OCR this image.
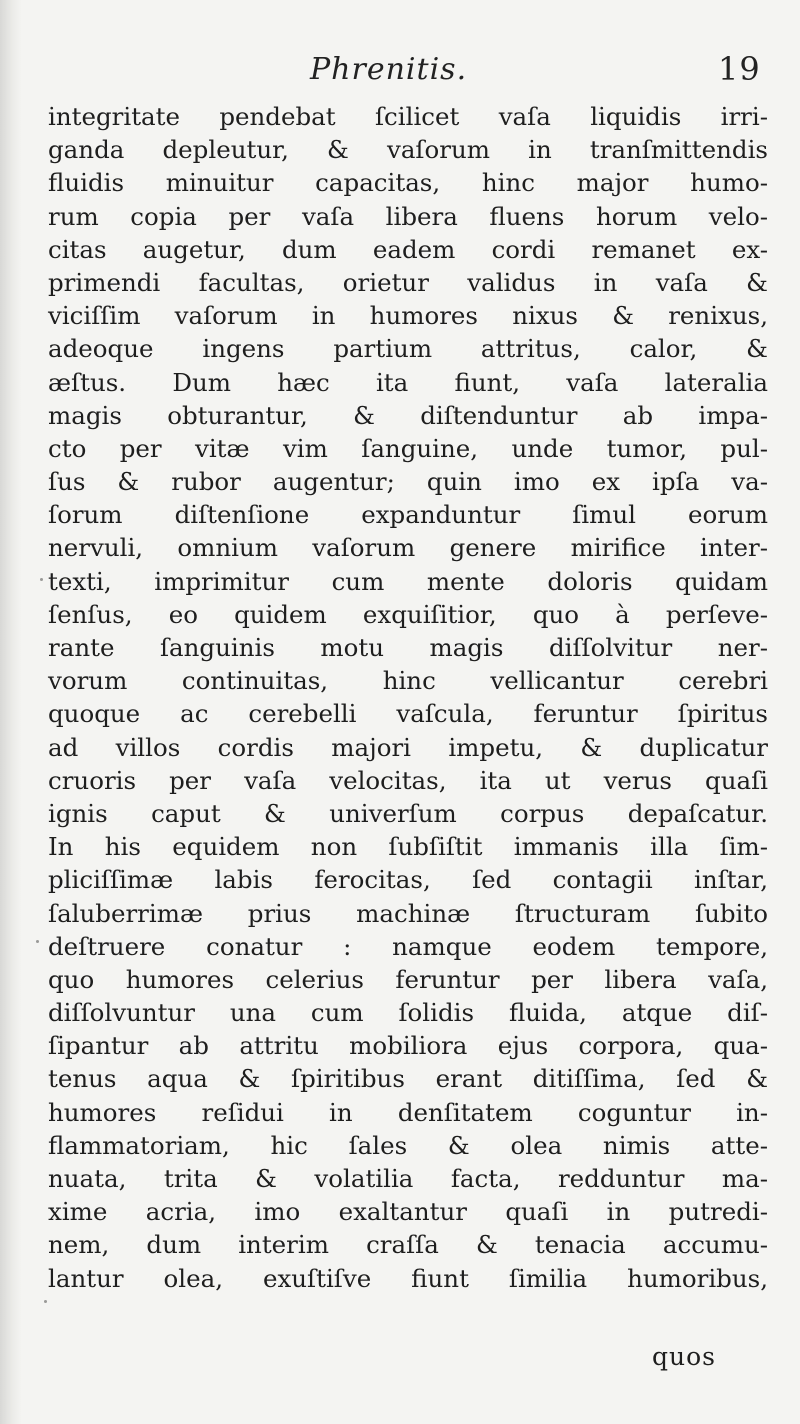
Phrenitis.	19
integritate pendebat ſcilicet vaſa liquidis irri-
ganda depleutur, & vaſorum in tranſmittendis
fluidis minuitur capacitas, hinc major humo-
rum copia per vaſa libera fluens horum velo-
citas augetur, dum eadem cordi remanet ex-
primendi facultas, orietur validus in vaſa &
viciſſim vaſorum in humores nixus & renixus,
adeoque ingens partium attritus, calor, &
æſtus. Dum hæc ita fiunt, vaſa lateralia
magis obturantur, & diſtenduntur ab impa-
cto per vitæ vim ſanguine, unde tumor, pul-
ſus & rubor augentur; quin imo ex ipſa va-
ſorum diſtenſione expanduntur ſimul eorum
nervuli, omnium vaſorum genere mirifice inter-
texti, imprimitur cum mente doloris quidam
ſenſus, eo quidem exquiſitior, quo à perſeve-
rante ſanguinis motu magis diſſolvitur ner-
vorum continuitas, hinc vellicantur cerebri
quoque ac cerebelli vaſcula, feruntur ſpiritus
ad villos cordis majori impetu, & duplicatur
cruoris per vaſa velocitas, ita ut verus quaſi
ignis caput & univerſum corpus depaſcatur.
In his equidem non ſubſiſtit immanis illa ſim-
pliciſſimæ labis ferocitas, ſed contagii inſtar,
ſaluberrimæ prius machinæ ſtructuram ſubito
deſtruere conatur : namque eodem tempore,
quo humores celerius feruntur per libera vaſa,
diſſolvuntur una cum ſolidis fluida, atque diſ-
ſipantur ab attritu mobiliora ejus corpora, qua-
tenus aqua & ſpiritibus erant ditiſſima, ſed &
humores reſidui in denſitatem coguntur in-
flammatoriam, hic ſales & olea nimis atte-
nuata, trita & volatilia facta, redduntur ma-
xime acria, imo exaltantur quaſi in putredi-
nem, dum interim craſſa & tenacia accumu-
lantur olea, exuſtiſve fiunt ſimilia humoribus,
quos
